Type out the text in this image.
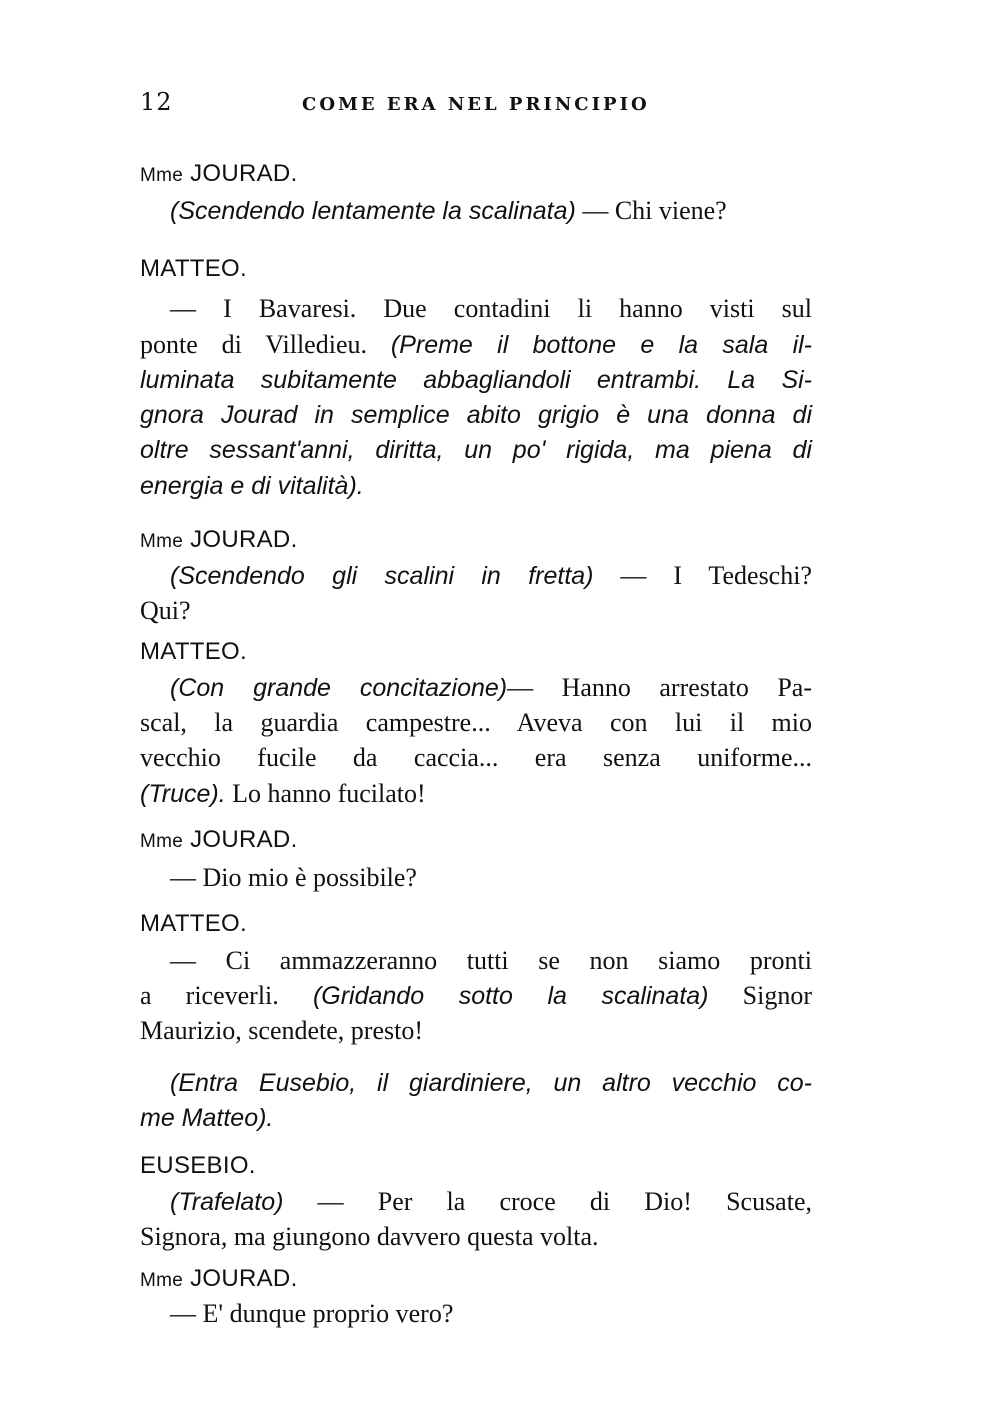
12	COME ERA NEL PRINCIPIO
Mme JOURAD.
(Scendendo lentamente la scalinata) — Chi viene?
MATTEO.
— I Bavaresi. Due contadini li hanno visti sul
ponte di Villedieu. (Preme il bottone e la sala il-
luminata subitamente abbagliandoli entrambi. La Si-
gnora Jourad in semplice abito grigio è una donna di
oltre sessant'anni, diritta, un po' rigida, ma piena di
energia e di vitalità).
Mme JOURAD.
(Scendendo gli scalini in fretta) — I Tedeschi?
Qui?
MATTEO.
(Con grande concitazione)— Hanno arrestato Pa-
scal, la guardia campestre... Aveva con lui il mio
vecchio fucile da caccia... era senza uniforme...
(Truce). Lo hanno fucilato!
Mme JOURAD.
— Dio mio è possibile?
MATTEO.
— Ci ammazzeranno tutti se non siamo pronti
a riceverli. (Gridando sotto la scalinata) Signor
Maurizio, scendete, presto!
(Entra Eusebio, il giardiniere, un altro vecchio co-
me Matteo).
EUSEBIO.
(Trafelato) — Per la croce di Dio! Scusate,
Signora, ma giungono davvero questa volta.
Mme JOURAD.
— E' dunque proprio vero?
